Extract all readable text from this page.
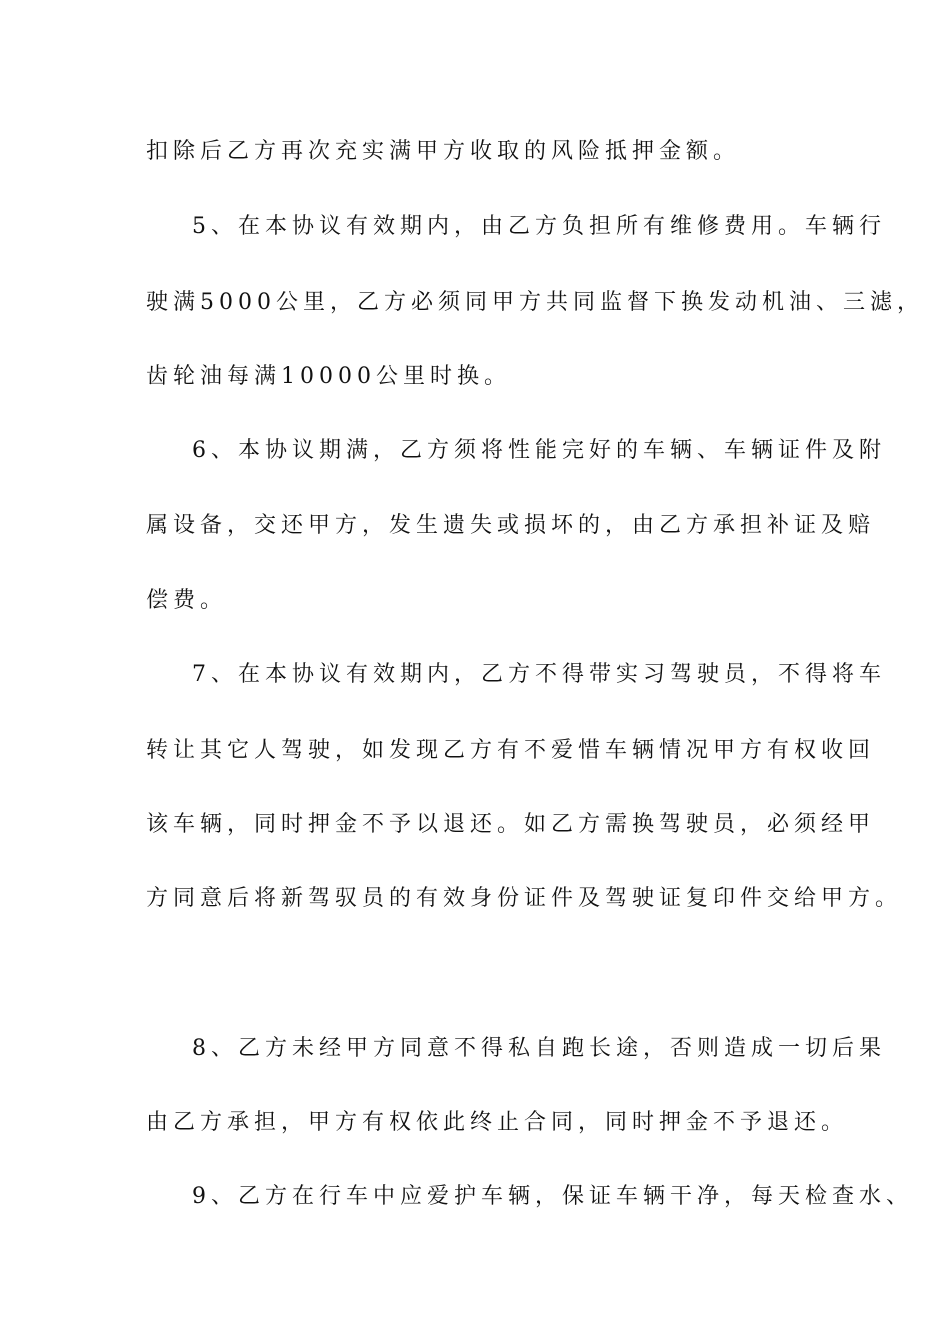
扣除后乙方再次充实满甲方收取的风险抵押金额。
5、在本协议有效期内，由乙方负担所有维修费用。车辆行
驶满5000公里，乙方必须同甲方共同监督下换发动机油、三滤，
齿轮油每满10000公里时换。
6、本协议期满，乙方须将性能完好的车辆、车辆证件及附
属设备，交还甲方，发生遗失或损坏的，由乙方承担补证及赔
偿费。
7、在本协议有效期内，乙方不得带实习驾驶员，不得将车
转让其它人驾驶，如发现乙方有不爱惜车辆情况甲方有权收回
该车辆，同时押金不予以退还。如乙方需换驾驶员，必须经甲
方同意后将新驾驭员的有效身份证件及驾驶证复印件交给甲方。
8、乙方未经甲方同意不得私自跑长途，否则造成一切后果
由乙方承担，甲方有权依此终止合同，同时押金不予退还。
9、乙方在行车中应爱护车辆，保证车辆干净，每天检查水、
